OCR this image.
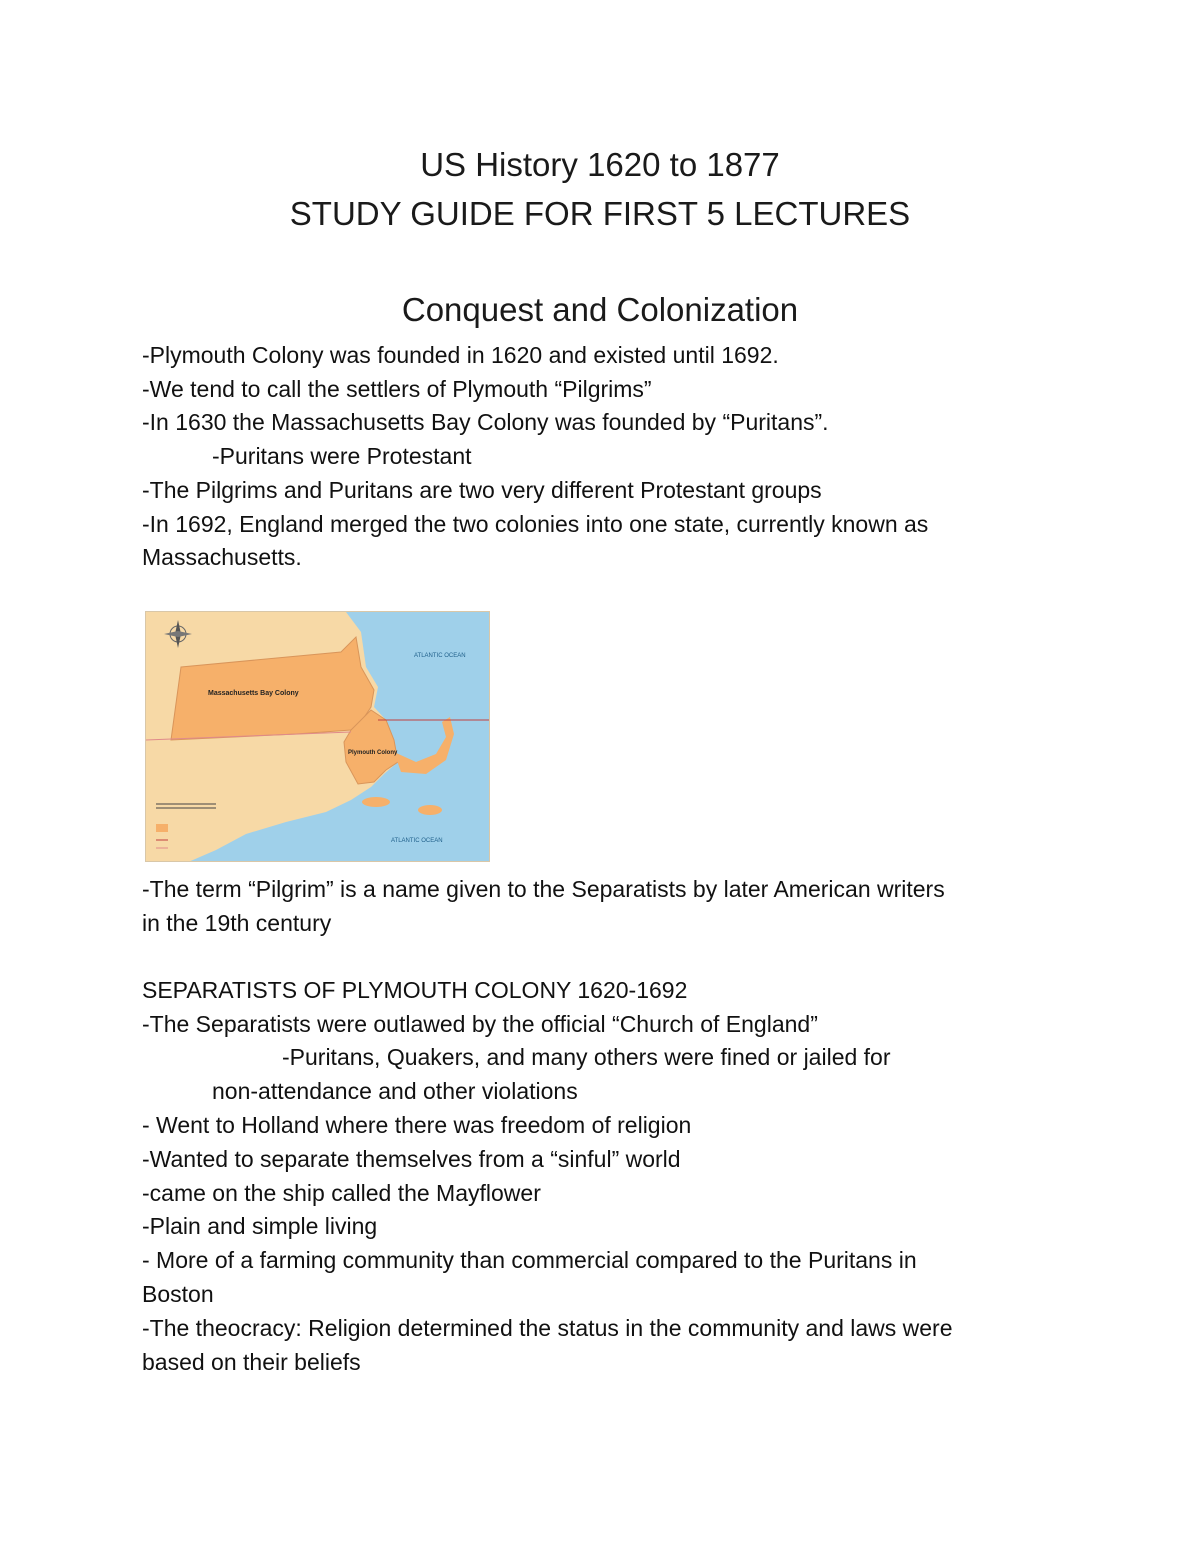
US History 1620 to 1877
STUDY GUIDE FOR FIRST 5 LECTURES
Conquest and Colonization
-Plymouth Colony was founded in 1620 and existed until 1692.
-We tend to call the settlers of Plymouth “Pilgrims”
-In 1630 the Massachusetts Bay Colony was founded by “Puritans”.
-Puritans were Protestant
-The Pilgrims and Puritans are two very different Protestant groups
-In 1692, England merged the two colonies into one state, currently known as
Massachusetts.
Massachusetts Bay Colony
Plymouth Colony
ATLANTIC OCEAN
ATLANTIC OCEAN
-The term “Pilgrim” is a name given to the Separatists by later American writers
in the 19th century
SEPARATISTS OF PLYMOUTH COLONY 1620-1692
-The Separatists were outlawed by the official “Church of England”
-Puritans, Quakers, and many others were fined or jailed for
non-attendance and other violations
- Went to Holland where there was freedom of religion
-Wanted to separate themselves from a “sinful” world
-came on the ship called the Mayflower
-Plain and simple living
- More of a farming community than commercial compared to the Puritans in
Boston
-The theocracy: Religion determined the status in the community and laws were
based on their beliefs
